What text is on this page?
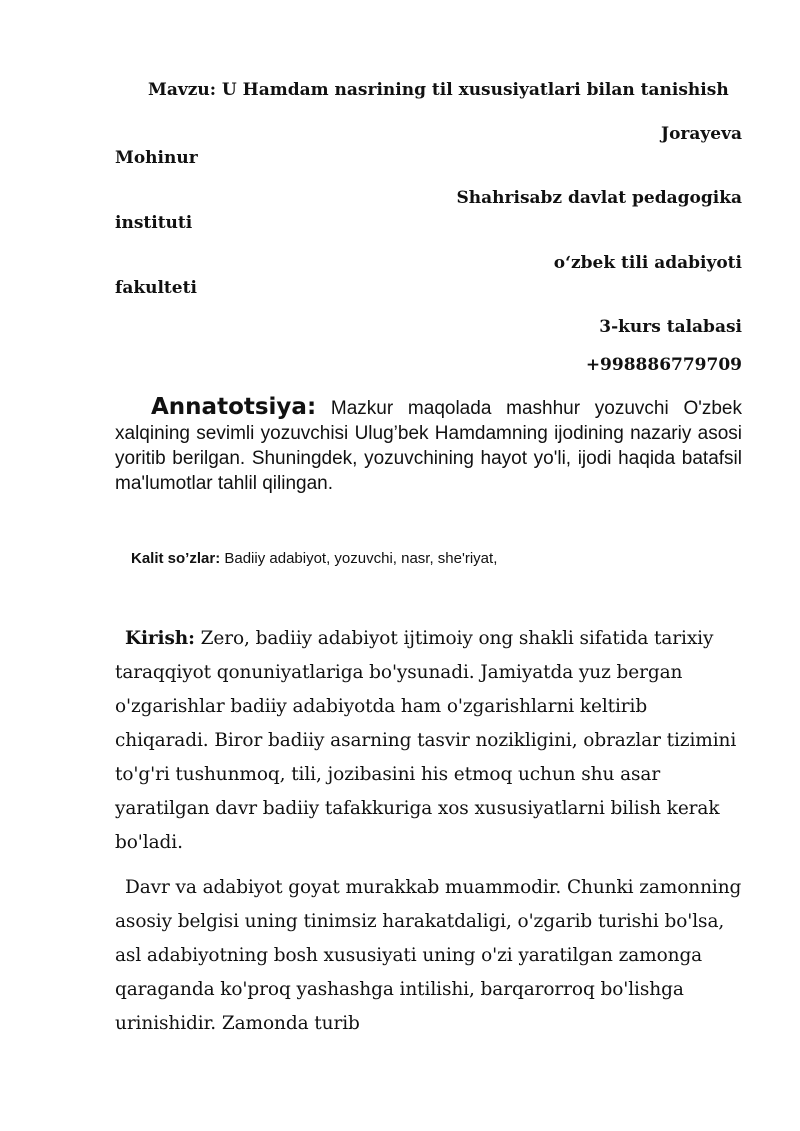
Mavzu: U Hamdam nasrining til xususiyatlari bilan tanishish

Jorayeva

Mohinur

Shahrisabz davlat pedagogika

instituti

o‘zbek tili adabiyoti

fakulteti

3-kurs talabasi

+998886779709

Annatotsiya: Mazkur maqolada mashhur yozuvchi O'zbek xalqining sevimli yozuvchisi Ulug’bek Hamdamning ijodining nazariy asosi yoritib berilgan. Shuningdek, yozuvchining hayot yo'li, ijodi haqida batafsil ma'lumotlar tahlil qilingan.

Kalit so’zlar: Badiiy adabiyot, yozuvchi, nasr, she'riyat,

Kirish: Zero, badiiy adabiyot ijtimoiy ong shakli sifatida tarixiy taraqqiyot qonuniyatlariga bo'ysunadi. Jamiyatda yuz bergan o'zgarishlar badiiy adabiyotda ham o'zgarishlarni keltirib chiqaradi. Biror badiiy asarning tasvir nozikligini, obrazlar tizimini to'g'ri tushunmoq, tili, jozibasini his etmoq uchun shu asar yaratilgan davr badiiy tafakkuriga xos xususiyatlarni bilish kerak bo'ladi.

Davr va adabiyot goyat murakkab muammodir. Chunki zamonning asosiy belgisi uning tinimsiz harakatdaligi, o'zgarib turishi bo'lsa, asl adabiyotning bosh xususiyati uning o'zi yaratilgan zamonga qaraganda ko'proq yashashga intilishi, barqarorroq bo'lishga urinishidir. Zamonda turib
